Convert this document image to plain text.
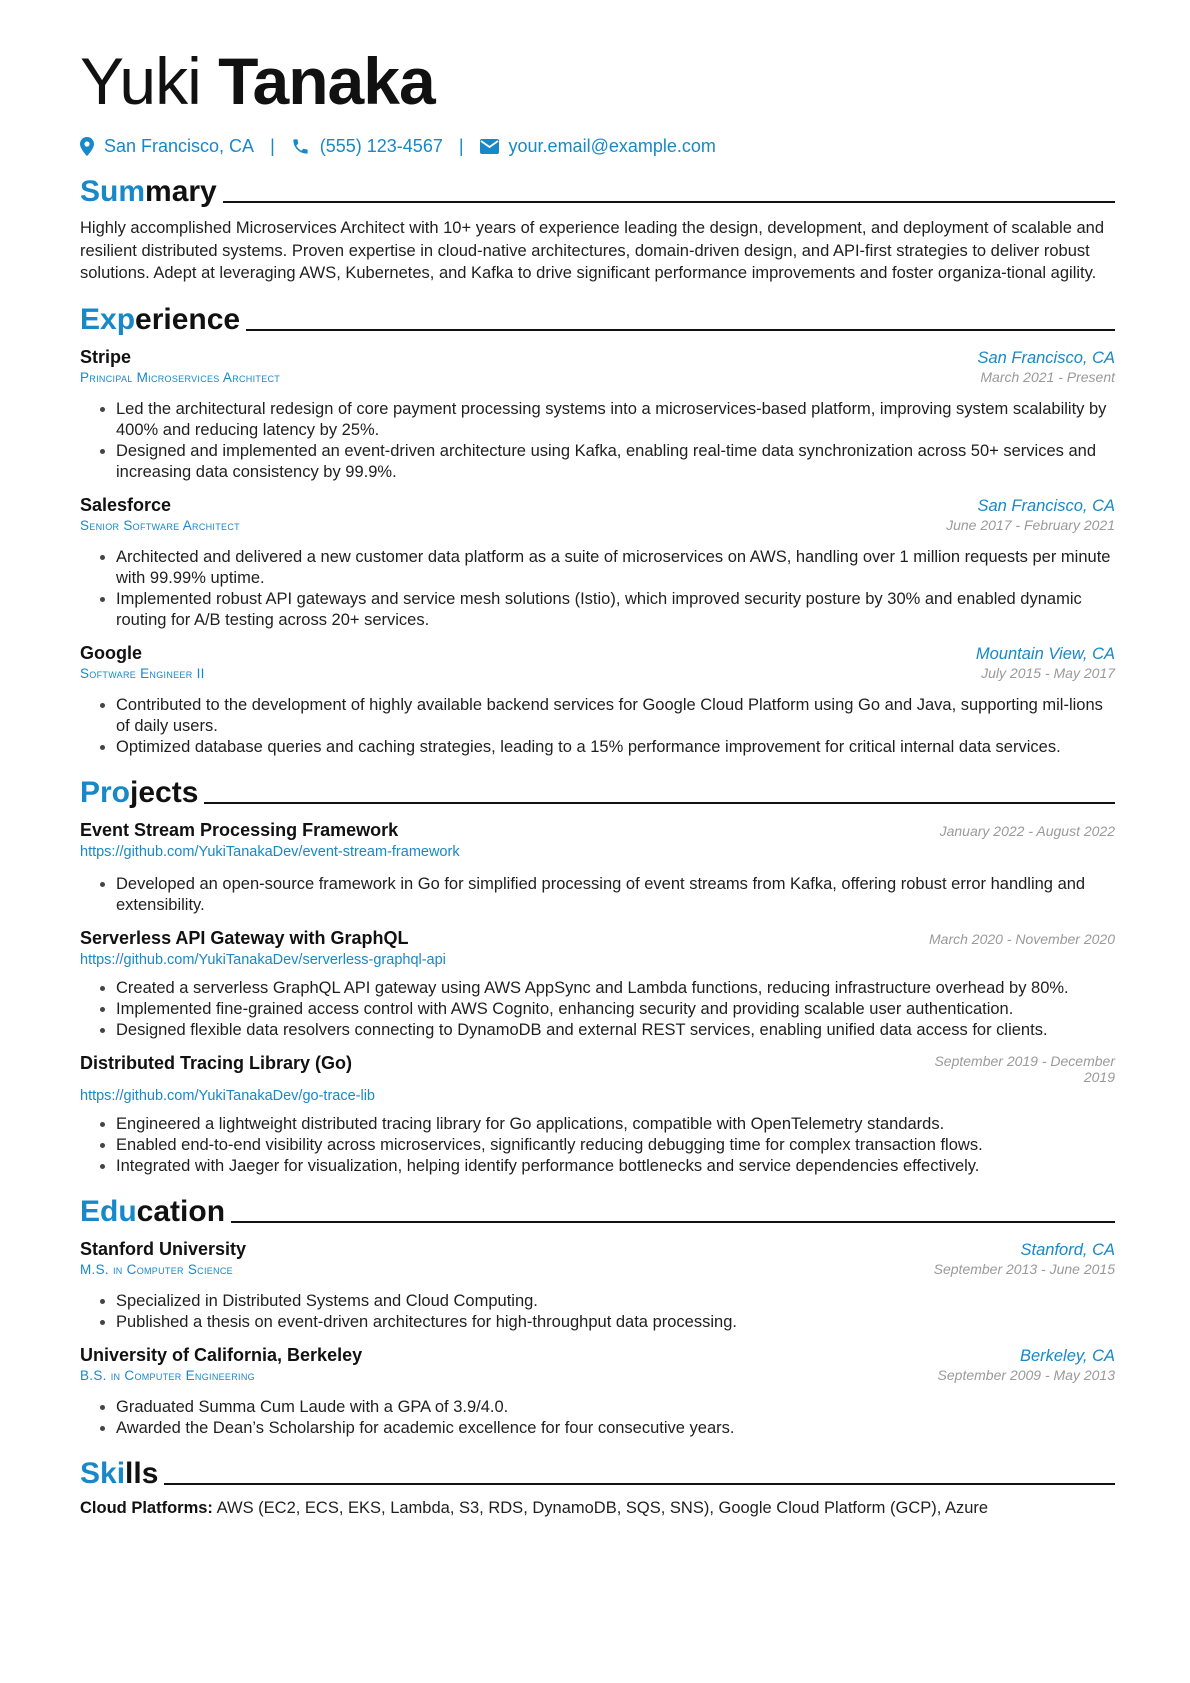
Yuki Tanaka
San Francisco, CA |	(555) 123-4567 |	your.email@example.com
Summary

Highly accomplished Microservices Architect with 10+ years of experience leading the design, development, and deployment of scalable and resilient distributed systems. Proven expertise in cloud-native architectures, domain-driven design, and API-first strategies to deliver robust solutions. Adept at leveraging AWS, Kubernetes, and Kafka to drive significant performance improvements and foster organiza-tional agility.

Experience
Stripe	San Francisco, CA
Principal Microservices Architect	March 2021 - Present
• Led the architectural redesign of core payment processing systems into a microservices-based platform, improving system scalability by 400% and reducing latency by 25%.
• Designed and implemented an event-driven architecture using Kafka, enabling real-time data synchronization across 50+ services and increasing data consistency by 99.9%.
Salesforce	San Francisco, CA
Senior Software Architect	June 2017 - February 2021
• Architected and delivered a new customer data platform as a suite of microservices on AWS, handling over 1 million requests per minute with 99.99% uptime.
• Implemented robust API gateways and service mesh solutions (Istio), which improved security posture by 30% and enabled dynamic routing for A/B testing across 20+ services.
Google	Mountain View, CA
Software Engineer II	July 2015 - May 2017
• Contributed to the development of highly available backend services for Google Cloud Platform using Go and Java, supporting mil-lions of daily users.
• Optimized database queries and caching strategies, leading to a 15% performance improvement for critical internal data services.
Projects
Event Stream Processing Framework	January 2022 - August 2022
https://github.com/YukiTanakaDev/event-stream-framework
• Developed an open-source framework in Go for simplified processing of event streams from Kafka, offering robust error handling and extensibility.
Serverless API Gateway with GraphQL	March 2020 - November 2020
https://github.com/YukiTanakaDev/serverless-graphql-api
• Created a serverless GraphQL API gateway using AWS AppSync and Lambda functions, reducing infrastructure overhead by 80%.
• Implemented fine-grained access control with AWS Cognito, enhancing security and providing scalable user authentication.
• Designed flexible data resolvers connecting to DynamoDB and external REST services, enabling unified data access for clients.
Distributed Tracing Library (Go)	September 2019 - December 2019
https://github.com/YukiTanakaDev/go-trace-lib
• Engineered a lightweight distributed tracing library for Go applications, compatible with OpenTelemetry standards.
• Enabled end-to-end visibility across microservices, significantly reducing debugging time for complex transaction flows.
• Integrated with Jaeger for visualization, helping identify performance bottlenecks and service dependencies effectively.
Education
Stanford University	Stanford, CA
M.S. in Computer Science	September 2013 - June 2015
• Specialized in Distributed Systems and Cloud Computing.
• Published a thesis on event-driven architectures for high-throughput data processing.
University of California, Berkeley	Berkeley, CA
B.S. in Computer Engineering	September 2009 - May 2013
• Graduated Summa Cum Laude with a GPA of 3.9/4.0.
• Awarded the Dean’s Scholarship for academic excellence for four consecutive years.
Skills
Cloud Platforms: AWS (EC2, ECS, EKS, Lambda, S3, RDS, DynamoDB, SQS, SNS), Google Cloud Platform (GCP), Azure
